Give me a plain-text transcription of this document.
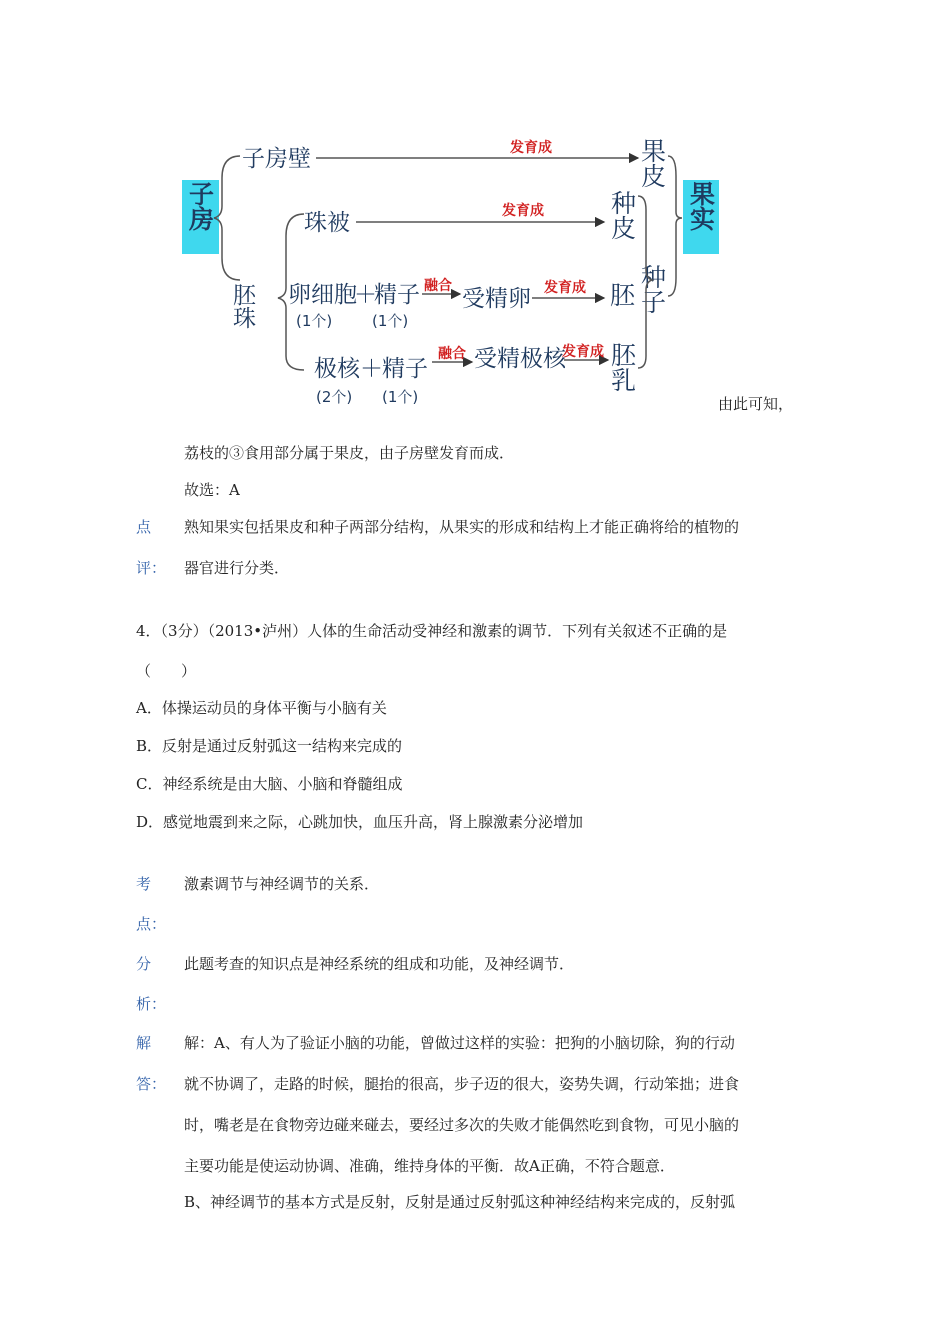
子房	果实
子房壁	发育成
胚珠
珠被	发育成
卵细胞
＋
精子
(1个)	(1个)
融合 受精卵 发育成
极核 ＋ 精子
(2个) (1个)
融合 受精极核
发育成
果皮
种皮
胚
胚乳
种子
由此可知，
荔枝的③食用部分属于果皮，由子房壁发育而成．
故选：A
点 熟知果实包括果皮和种子两部分结构，从果实的形成和结构上才能正确将给的植物的
评： 器官进行分类．
4．（3分）（2013•泸州）人体的生命活动受神经和激素的调节．下列有关叙述不正确的是
（　　）
A．体操运动员的身体平衡与小脑有关
B．反射是通过反射弧这一结构来完成的
C．神经系统是由大脑、小脑和脊髓组成
D．感觉地震到来之际，心跳加快，血压升高，肾上腺激素分泌增加
考 激素调节与神经调节的关系．
点：
分 此题考查的知识点是神经系统的组成和功能，及神经调节．
析：
解 解：A、有人为了验证小脑的功能，曾做过这样的实验：把狗的小脑切除，狗的行动
答： 就不协调了，走路的时候，腿抬的很高，步子迈的很大，姿势失调，行动笨拙；进食
时，嘴老是在食物旁边碰来碰去，要经过多次的失败才能偶然吃到食物，可见小脑的
主要功能是使运动协调、准确，维持身体的平衡．故A正确，不符合题意．
B、神经调节的基本方式是反射，反射是通过反射弧这种神经结构来完成的，反射弧
